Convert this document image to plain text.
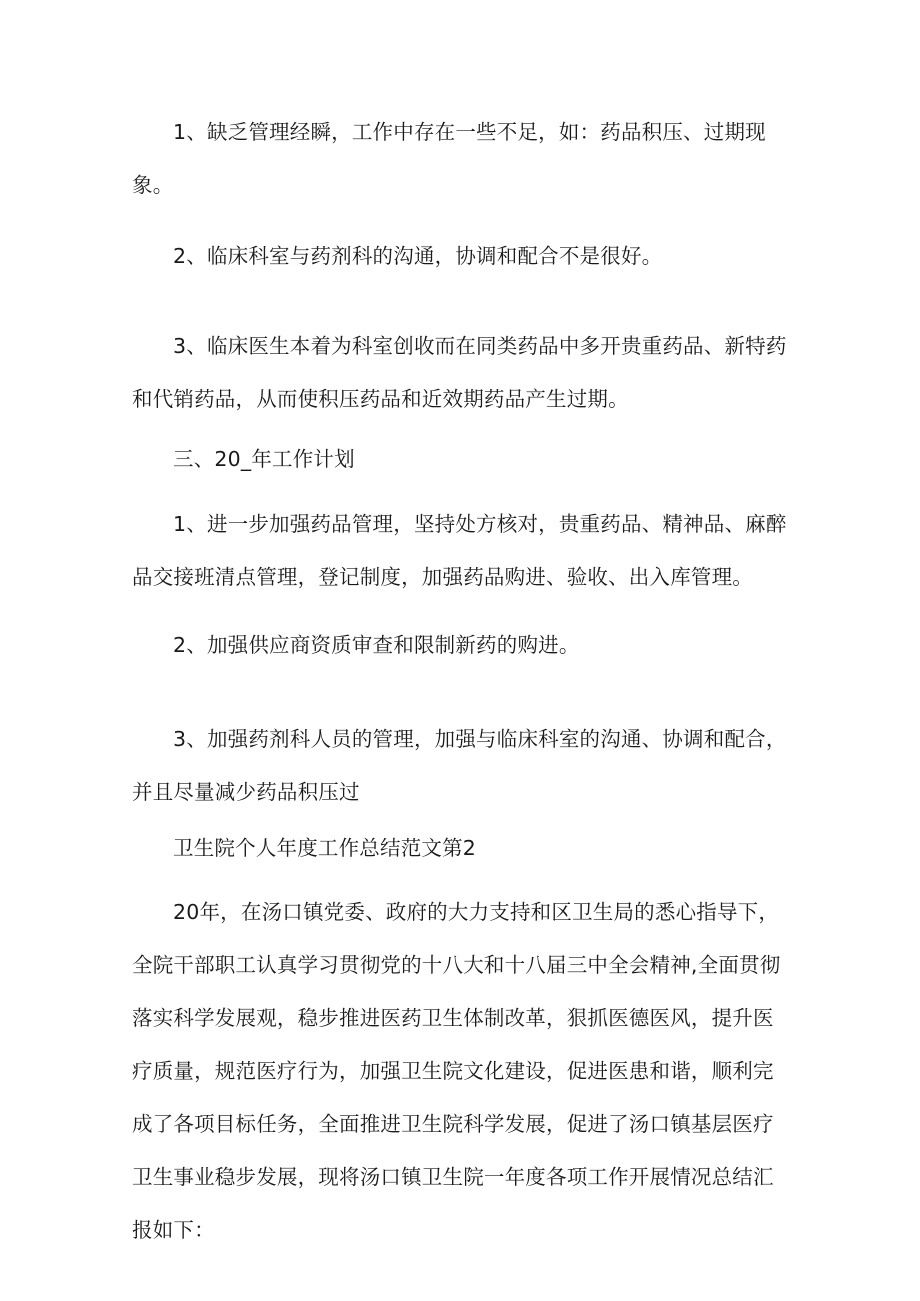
1、缺乏管理经瞬，工作中存在一些不足，如：药品积压、过期现象。

2、临床科室与药剂科的沟通，协调和配合不是很好。

3、临床医生本着为科室创收而在同类药品中多开贵重药品、新特药和代销药品，从而使积压药品和近效期药品产生过期。

三、20_年工作计划

1、进一步加强药品管理，坚持处方核对，贵重药品、精神品、麻醉品交接班清点管理，登记制度，加强药品购进、验收、出入库管理。

2、加强供应商资质审查和限制新药的购进。

3、加强药剂科人员的管理，加强与临床科室的沟通、协调和配合，并且尽量减少药品积压过

卫生院个人年度工作总结范文第2

20年，在汤口镇党委、政府的大力支持和区卫生局的悉心指导下，全院干部职工认真学习贯彻党的十八大和十八届三中全会精神,全面贯彻落实科学发展观，稳步推进医药卫生体制改革，狠抓医德医风，提升医疗质量，规范医疗行为，加强卫生院文化建设，促进医患和谐，顺利完成了各项目标任务，全面推进卫生院科学发展，促进了汤口镇基层医疗卫生事业稳步发展，现将汤口镇卫生院一年度各项工作开展情况总结汇报如下：
